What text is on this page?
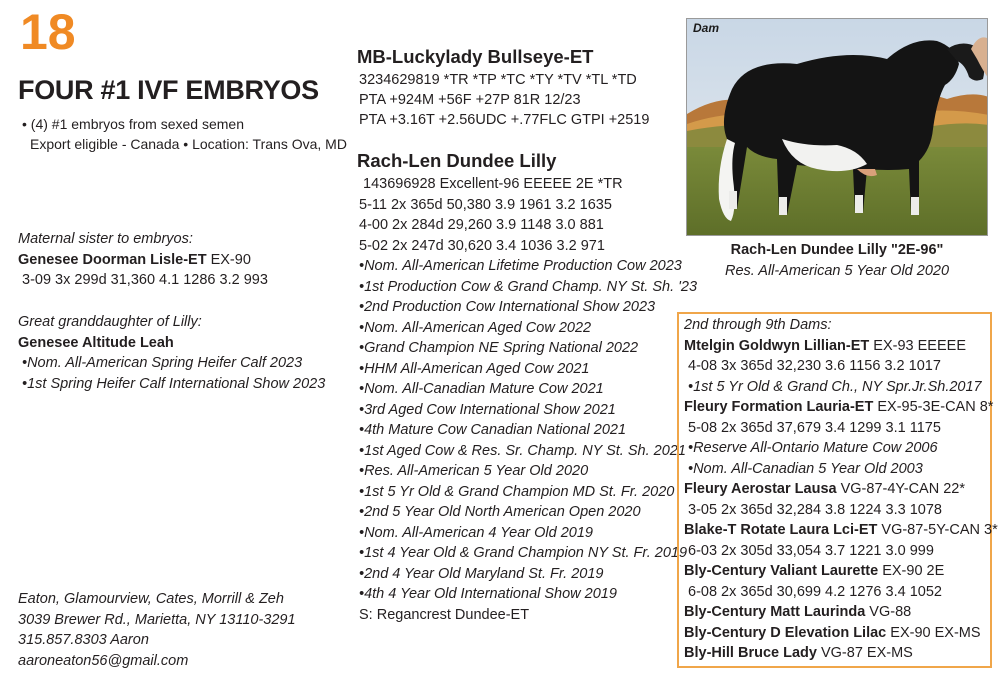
18
FOUR #1 IVF EMBRYOS
• (4) #1 embryos from sexed semen
Export eligible - Canada • Location: Trans Ova, MD
Maternal sister to embryos:
Genesee Doorman Lisle-ET EX-90
3-09 3x 299d 31,360 4.1 1286 3.2 993
Great granddaughter of Lilly:
Genesee Altitude Leah
•Nom. All-American Spring Heifer Calf 2023
•1st Spring Heifer Calf International Show 2023
Eaton, Glamourview, Cates, Morrill & Zeh
3039 Brewer Rd., Marietta, NY 13110-3291
315.857.8303 Aaron
aaroneaton56@gmail.com
MB-Luckylady Bullseye-ET
3234629819 *TR *TP *TC *TY *TV *TL *TD
PTA +924M +56F +27P 81R 12/23
PTA +3.16T +2.56UDC +.77FLC GTPI +2519
Rach-Len Dundee Lilly
143696928 Excellent-96 EEEEE 2E *TR
5-11 2x 365d 50,380 3.9 1961 3.2 1635
4-00 2x 284d 29,260 3.9 1148 3.0 881
5-02 2x 247d 30,620 3.4 1036 3.2 971
•Nom. All-American Lifetime Production Cow 2023
•1st Production Cow & Grand Champ. NY St. Sh. '23
•2nd Production Cow International Show 2023
•Nom. All-American Aged Cow 2022
•Grand Champion NE Spring National 2022
•HHM All-American Aged Cow 2021
•Nom. All-Canadian Mature Cow 2021
•3rd Aged Cow International Show 2021
•4th Mature Cow Canadian National 2021
•1st Aged Cow & Res. Sr. Champ. NY St. Sh. 2021
•Res. All-American 5 Year Old 2020
•1st 5 Yr Old & Grand Champion MD St. Fr. 2020
•2nd 5 Year Old North American Open 2020
•Nom. All-American 4 Year Old 2019
•1st 4 Year Old & Grand Champion NY St. Fr. 2019
•2nd 4 Year Old Maryland St. Fr. 2019
•4th 4 Year Old International Show 2019
S: Regancrest Dundee-ET
Dam
Rach-Len Dundee Lilly "2E-96"
Res. All-American 5 Year Old 2020
2nd through 9th Dams:
Mtelgin Goldwyn Lillian-ET EX-93 EEEEE
4-08 3x 365d 32,230 3.6 1156 3.2 1017
•1st 5 Yr Old & Grand Ch., NY Spr.Jr.Sh.2017
Fleury Formation Lauria-ET EX-95-3E-CAN 8*
5-08 2x 365d 37,679 3.4 1299 3.1 1175
•Reserve All-Ontario Mature Cow 2006
•Nom. All-Canadian 5 Year Old 2003
Fleury Aerostar Lausa VG-87-4Y-CAN 22*
3-05 2x 365d 32,284 3.8 1224 3.3 1078
Blake-T Rotate Laura Lci-ET VG-87-5Y-CAN 3*
6-03 2x 305d 33,054 3.7 1221 3.0 999
Bly-Century Valiant Laurette EX-90 2E
6-08 2x 365d 30,699 4.2 1276 3.4 1052
Bly-Century Matt Laurinda VG-88
Bly-Century D Elevation Lilac EX-90 EX-MS
Bly-Hill Bruce Lady VG-87 EX-MS
